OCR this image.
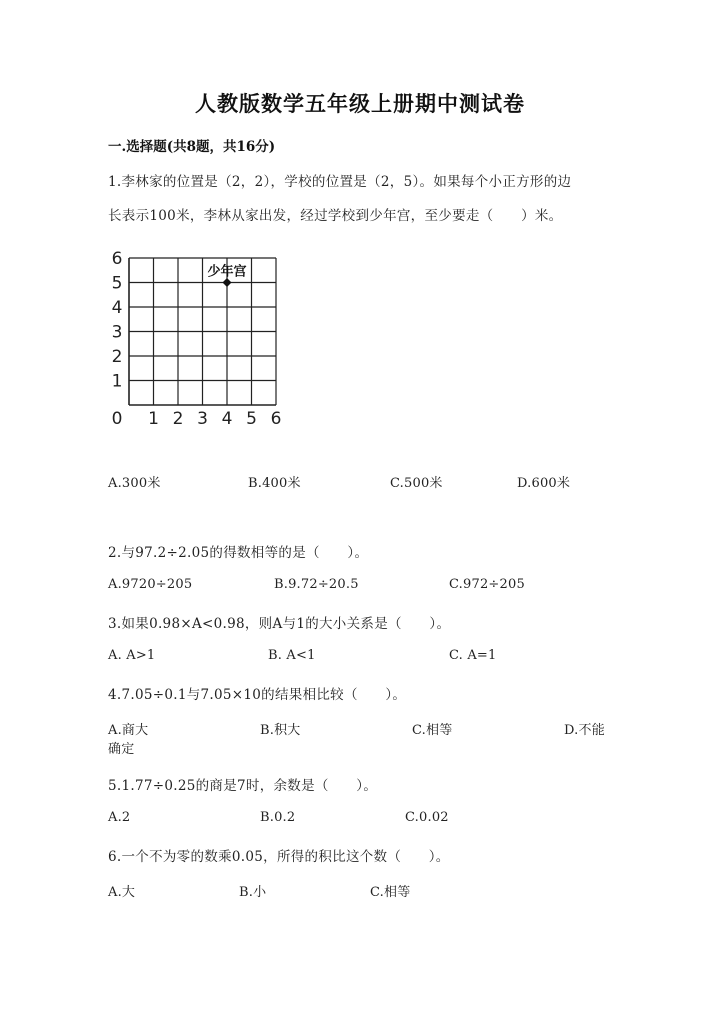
人教版数学五年级上册期中测试卷
一.选择题(共8题，共16分)
1.李林家的位置是（2，2），学校的位置是（2，5）。如果每个小正方形的边
长表示100米，李林从家出发，经过学校到少年宫，至少要走（　　）米。
0 1 2 3 4 5 6
1
2
3
4
5
6
少年宫
A.300米	B.400米	C.500米	D.600米
2.与97.2÷2.05的得数相等的是（　　）。
A.9720÷205	B.9.72÷20.5	C.972÷205
3.如果0.98×A<0.98，则A与1的大小关系是（　　）。
A. A>1	B. A<1	C. A=1
4.7.05÷0.1与7.05×10的结果相比较（　　）。
A.商大	B.积大	C.相等	D.不能
确定
5.1.77÷0.25的商是7时，余数是（　　）。
A.2	B.0.2	C.0.02
6.一个不为零的数乘0.05，所得的积比这个数（　　）。
A.大	B.小	C.相等
